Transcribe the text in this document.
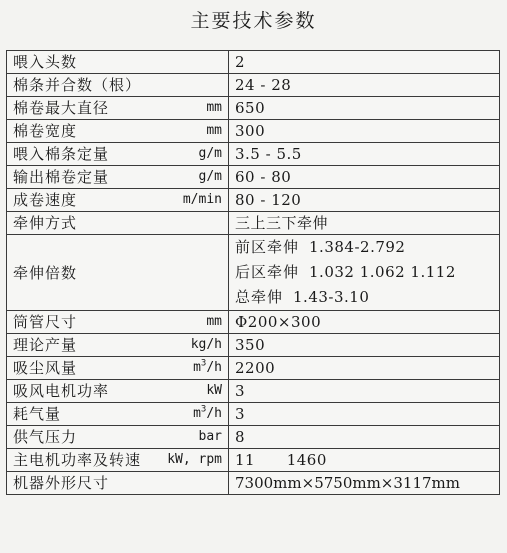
主要技术参数
喂入头数	2

棉条并合数（根）	24 - 28

棉卷最大直径 mm	650

棉卷宽度 mm	300

喂入棉条定量 g/m	3.5 - 5.5

输出棉卷定量 g/m	60 - 80

成卷速度 m/min	80 - 120

牵伸方式	三上三下牵伸

牵伸倍数	前区牵伸 1.384-2.792
后区牵伸 1.032 1.062 1.112
总牵伸 1.43-3.10

筒管尺寸 mm	Φ200×300

理论产量 kg/h	350

吸尘风量 $m^3/h$	2200

吸风电机功率 kW	3

耗气量 $m^3/h$	3

供气压力 bar	8

主电机功率及转速 kW, rpm	11      1460

机器外形尺寸	7300mm×5750mm×3117mm
